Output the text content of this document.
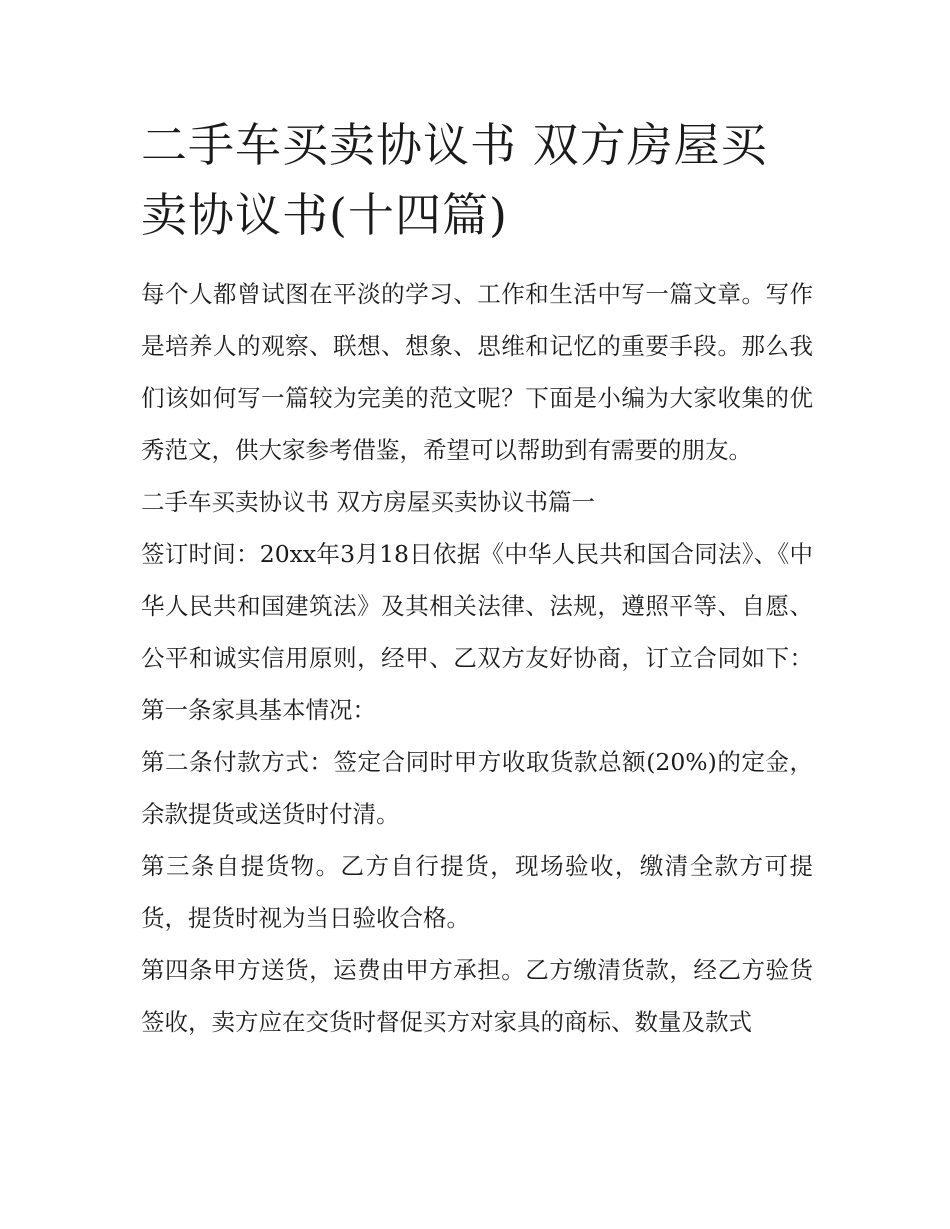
二手车买卖协议书 双方房屋买卖协议书(十四篇)

每个人都曾试图在平淡的学习、工作和生活中写一篇文章。写作是培养人的观察、联想、想象、思维和记忆的重要手段。那么我们该如何写一篇较为完美的范文呢？下面是小编为大家收集的优秀范文，供大家参考借鉴，希望可以帮助到有需要的朋友。

二手车买卖协议书 双方房屋买卖协议书篇一

签订时间：20xx年3月18日依据《中华人民共和国合同法》、《中华人民共和国建筑法》及其相关法律、法规，遵照平等、自愿、公平和诚实信用原则，经甲、乙双方友好协商，订立合同如下：第一条家具基本情况：

第二条付款方式：签定合同时甲方收取货款总额(20%)的定金，余款提货或送货时付清。

第三条自提货物。乙方自行提货，现场验收，缴清全款方可提货，提货时视为当日验收合格。

第四条甲方送货，运费由甲方承担。乙方缴清货款，经乙方验货签收，卖方应在交货时督促买方对家具的商标、数量及款式
